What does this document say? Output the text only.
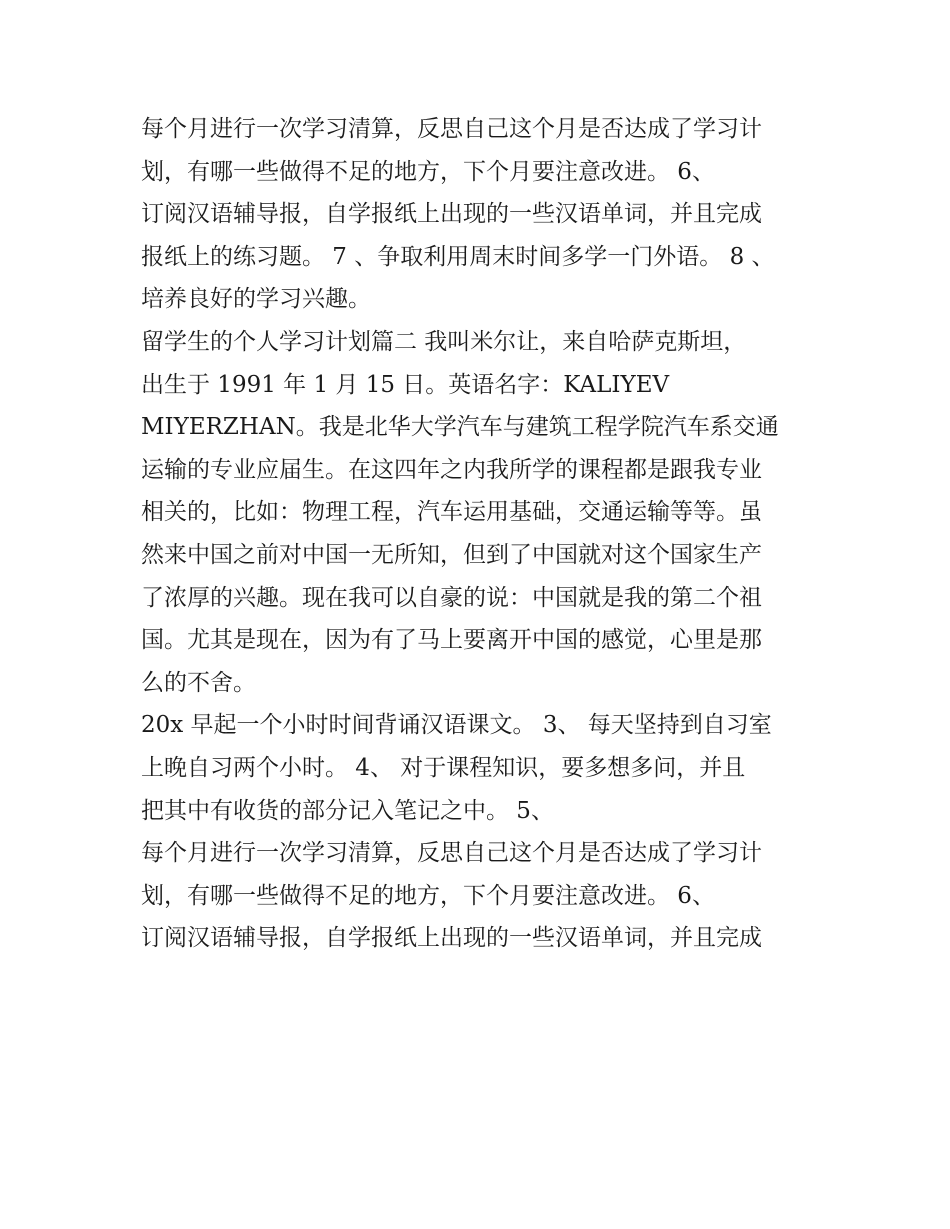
每个月进行一次学习清算，反思自己这个月是否达成了学习计
划，有哪一些做得不足的地方，下个月要注意改进。 6、
订阅汉语辅导报，自学报纸上出现的一些汉语单词，并且完成
报纸上的练习题。 7 、争取利用周末时间多学一门外语。 8 、
培养良好的学习兴趣。
留学生的个人学习计划篇二 我叫米尔让，来自哈萨克斯坦，
出生于 1991 年 1 月 15 日。英语名字：KALIYEV
MIYERZHAN。我是北华大学汽车与建筑工程学院汽车系交通
运输的专业应届生。在这四年之内我所学的课程都是跟我专业
相关的，比如：物理工程，汽车运用基础，交通运输等等。虽
然来中国之前对中国一无所知，但到了中国就对这个国家生产
了浓厚的兴趣。现在我可以自豪的说：中国就是我的第二个祖
国。尤其是现在，因为有了马上要离开中国的感觉，心里是那
么的不舍。
20x 早起一个小时时间背诵汉语课文。 3、 每天坚持到自习室
上晚自习两个小时。 4、 对于课程知识，要多想多问，并且
把其中有收货的部分记入笔记之中。 5、
每个月进行一次学习清算，反思自己这个月是否达成了学习计
划，有哪一些做得不足的地方，下个月要注意改进。 6、
订阅汉语辅导报，自学报纸上出现的一些汉语单词，并且完成
